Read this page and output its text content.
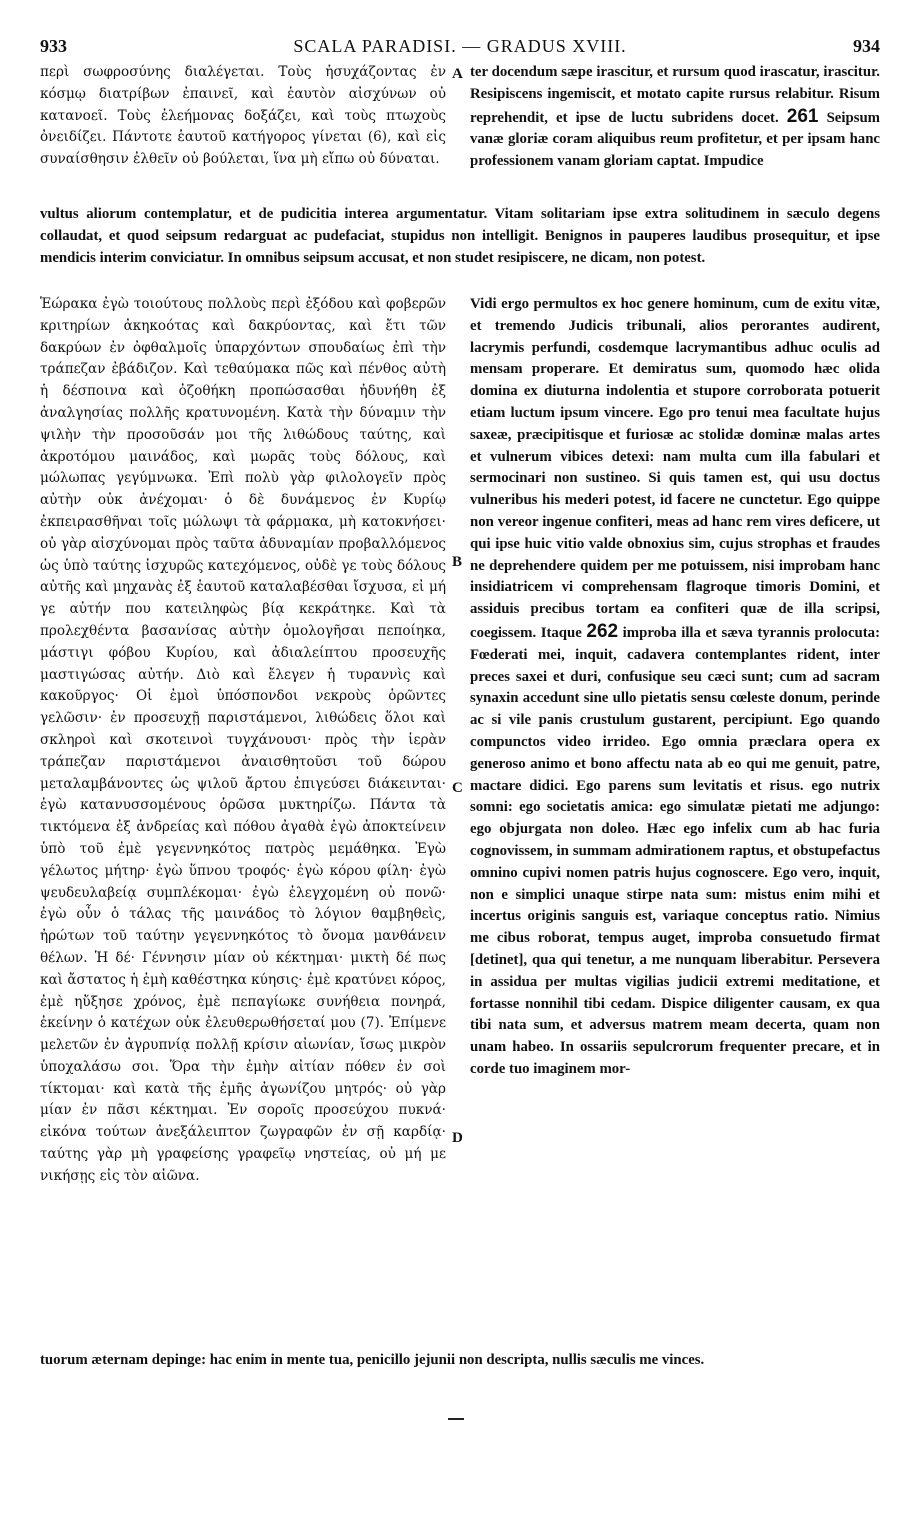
933	SCALA PARADISI. — GRADUS XVIII.	934
A
B
C
D

περὶ σωφροσύνης διαλέγεται. Τοὺς ἡσυχάζοντας ἐν κόσμῳ διατρίβων ἐπαινεῖ, καὶ ἑαυτὸν αἰσχύνων οὐ κατανοεῖ. Τοὺς ἐλεήμονας δοξάζει, καὶ τοὺς πτωχοὺς ὀνειδίζει. Πάντοτε ἑαυτοῦ κατήγορος γίνεται (6), καὶ εἰς συναίσθησιν ἐλθεῖν οὐ βούλεται, ἵνα μὴ εἴπω οὐ δύναται.

ter docendum sæpe irascitur, et rursum quod irascatur, irascitur. Resipiscens ingemiscit, et motato capite rursus relabitur. Risum reprehendit, et ipse de luctu subridens docet. 261 Seipsum vanæ gloriæ coram aliquibus reum profitetur, et per ipsam hanc professionem vanam gloriam captat. Impudice

vultus aliorum contemplatur, et de pudicitia interea argumentatur. Vitam solitariam ipse extra solitudinem in sæculo degens collaudat, et quod seipsum redarguat ac pudefaciat, stupidus non intelligit. Benignos in pauperes laudibus prosequitur, et ipse mendicis interim conviciatur. In omnibus seipsum accusat, et non studet resipiscere, ne dicam, non potest.

Ἑώρακα ἐγὼ τοιούτους πολλοὺς περὶ ἐξόδου καὶ φοβερῶν κριτηρίων ἀκηκοότας καὶ δακρύοντας, καὶ ἔτι τῶν δακρύων ἐν ὀφθαλμοῖς ὑπαρχόντων σπουδαίως ἐπὶ τὴν τράπεζαν ἐβάδιζον. Καὶ τεθαύμακα πῶς καὶ πένθος αὐτὴ ἡ δέσποινα καὶ ὀζοθήκη προπώσασθαι ἠδυνήθη ἐξ ἀναλγησίας πολλῆς κρατυνομένη. Κατὰ τὴν δύναμιν τὴν ψιλὴν τὴν προσοῦσάν μοι τῆς λιθώδους ταύτης, καὶ ἀκροτόμου μαινάδος, καὶ μωρᾶς τοὺς δόλους, καὶ μώλωπας γεγύμνωκα. Ἐπὶ πολὺ γὰρ φιλολογεῖν πρὸς αὐτὴν οὐκ ἀνέχομαι· ὁ δὲ δυνάμενος ἐν Κυρίῳ ἐκπειρασθῆναι τοῖς μώλωψι τὰ φάρμακα, μὴ κατοκνήσει· οὐ γὰρ αἰσχύνομαι πρὸς ταῦτα ἀδυναμίαν προβαλλόμενος ὡς ὑπὸ ταύτης ἰσχυρῶς κατεχόμενος, οὐδὲ γε τοὺς δόλους αὐτῆς καὶ μηχανὰς ἐξ ἑαυτοῦ καταλαβέσθαι ἴσχυσα, εἰ μή γε αὐτήν που κατειληφὼς βίᾳ κεκράτηκε. Καὶ τὰ προλεχθέντα βασανίσας αὐτὴν ὁμολογῆσαι πεποίηκα, μάστιγι φόβου Κυρίου, καὶ ἀδιαλείπτου προσευχῆς μαστιγώσας αὐτήν. Διὸ καὶ ἔλεγεν ἡ τυραννὶς καὶ κακοῦργος· Οἱ ἐμοὶ ὑπόσπονδοι νεκροὺς ὁρῶντες γελῶσιν· ἐν προσευχῇ παριστάμενοι, λιθώδεις ὅλοι καὶ σκληροὶ καὶ σκοτεινοὶ τυγχάνουσι· πρὸς τὴν ἱερὰν τράπεζαν παριστάμενοι ἀναισθητοῦσι τοῦ δώρου μεταλαμβάνοντες ὡς ψιλοῦ ἄρτου ἐπιγεύσει διάκεινται· ἐγὼ κατανυσσομένους ὁρῶσα μυκτηρίζω. Πάντα τὰ τικτόμενα ἐξ ἀνδρείας καὶ πόθου ἀγαθὰ ἐγὼ ἀποκτείνειν ὑπὸ τοῦ ἐμὲ γεγεννηκότος πατρὸς μεμάθηκα. Ἐγὼ γέλωτος μήτηρ· ἐγὼ ὕπνου τροφός· ἐγὼ κόρου φίλη· ἐγὼ ψευδευλαβείᾳ συμπλέκομαι· ἐγὼ ἐλεγχομένη οὐ πονῶ· ἐγὼ οὖν ὁ τάλας τῆς μαινάδος τὸ λόγιον θαμβηθεὶς, ἠρώτων τοῦ ταύτην γεγεννηκότος τὸ ὄνομα μανθάνειν θέλων. Ἡ δέ· Γέννησιν μίαν οὐ κέκτημαι· μικτὴ δέ πως καὶ ἄστατος ἡ ἐμὴ καθέστηκα κύησις· ἐμὲ κρατύνει κόρος, ἐμὲ ηὔξησε χρόνος, ἐμὲ πεπαγίωκε συνήθεια πονηρά, ἐκείνην ὁ κατέχων οὐκ ἐλευθερωθήσεταί μου (7). Ἐπίμενε μελετῶν ἐν ἀγρυπνίᾳ πολλῇ κρίσιν αἰωνίαν, ἴσως μικρὸν ὑποχαλάσω σοι. Ὅρα τὴν ἐμὴν αἰτίαν πόθεν ἐν σοὶ τίκτομαι· καὶ κατὰ τῆς ἐμῆς ἀγωνίζου μητρός· οὐ γὰρ μίαν ἐν πᾶσι κέκτημαι. Ἐν σοροῖς προσεύχου πυκνά· εἰκόνα τούτων ἀνεξάλειπτον ζωγραφῶν ἐν σῇ καρδίᾳ· ταύτης γὰρ μὴ γραφείσης γραφεῖῳ νηστείας, οὐ μή με νικήσῃς εἰς τὸν αἰῶνα.

Vidi ergo permultos ex hoc genere hominum, cum de exitu vitæ, et tremendo Judicis tribunali, alios perorantes audirent, lacrymis perfundi, cosdemque lacrymantibus adhuc oculis ad mensam properare. Et demiratus sum, quomodo hæc olida domina ex diuturna indolentia et stupore corroborata potuerit etiam luctum ipsum vincere. Ego pro tenui mea facultate hujus saxeæ, præcipitisque et furiosæ ac stolidæ dominæ malas artes et vulnerum vibices detexi: nam multa cum illa fabulari et sermocinari non sustineo. Si quis tamen est, qui usu doctus vulneribus his mederi potest, id facere ne cunctetur. Ego quippe non vereor ingenue confiteri, meas ad hanc rem vires deficere, ut qui ipse huic vitio valde obnoxius sim, cujus strophas et fraudes ne deprehendere quidem per me potuissem, nisi improbam hanc insidiatricem vi comprehensam flagroque timoris Domini, et assiduis precibus tortam ea confiteri quæ de illa scripsi, coegissem. Itaque 262 improba illa et sæva tyrannis prolocuta: Fœderati mei, inquit, cadavera contemplantes rident, inter preces saxei et duri, confusique seu cæci sunt; cum ad sacram synaxin accedunt sine ullo pietatis sensu cœleste donum, perinde ac si vile panis crustulum gustarent, percipiunt. Ego quando compunctos video irrideo. Ego omnia præclara opera ex generoso animo et bono affectu nata ab eo qui me genuit, patre, mactare didici. Ego parens sum levitatis et risus. ego nutrix somni: ego societatis amica: ego simulatæ pietati me adjungo: ego objurgata non doleo. Hæc ego infelix cum ab hac furia cognovissem, in summam admirationem raptus, et obstupefactus omnino cupivi nomen patris hujus cognoscere. Ego vero, inquit, non e simplici unaque stirpe nata sum: mistus enim mihi et incertus originis sanguis est, variaque conceptus ratio. Nimius me cibus roborat, tempus auget, improba consuetudo firmat [detinet], qua qui tenetur, a me nunquam liberabitur. Persevera in assidua per multas vigilias judicii extremi meditatione, et fortasse nonnihil tibi cedam. Dispice diligenter causam, ex qua tibi nata sum, et adversus matrem meam decerta, quam non unam habeo. In ossariis sepulcrorum frequenter precare, et in corde tuo imaginem mor-

tuorum æternam depinge: hac enim in mente tua, penicillo jejunii non descripta, nullis sæculis me vinces.
